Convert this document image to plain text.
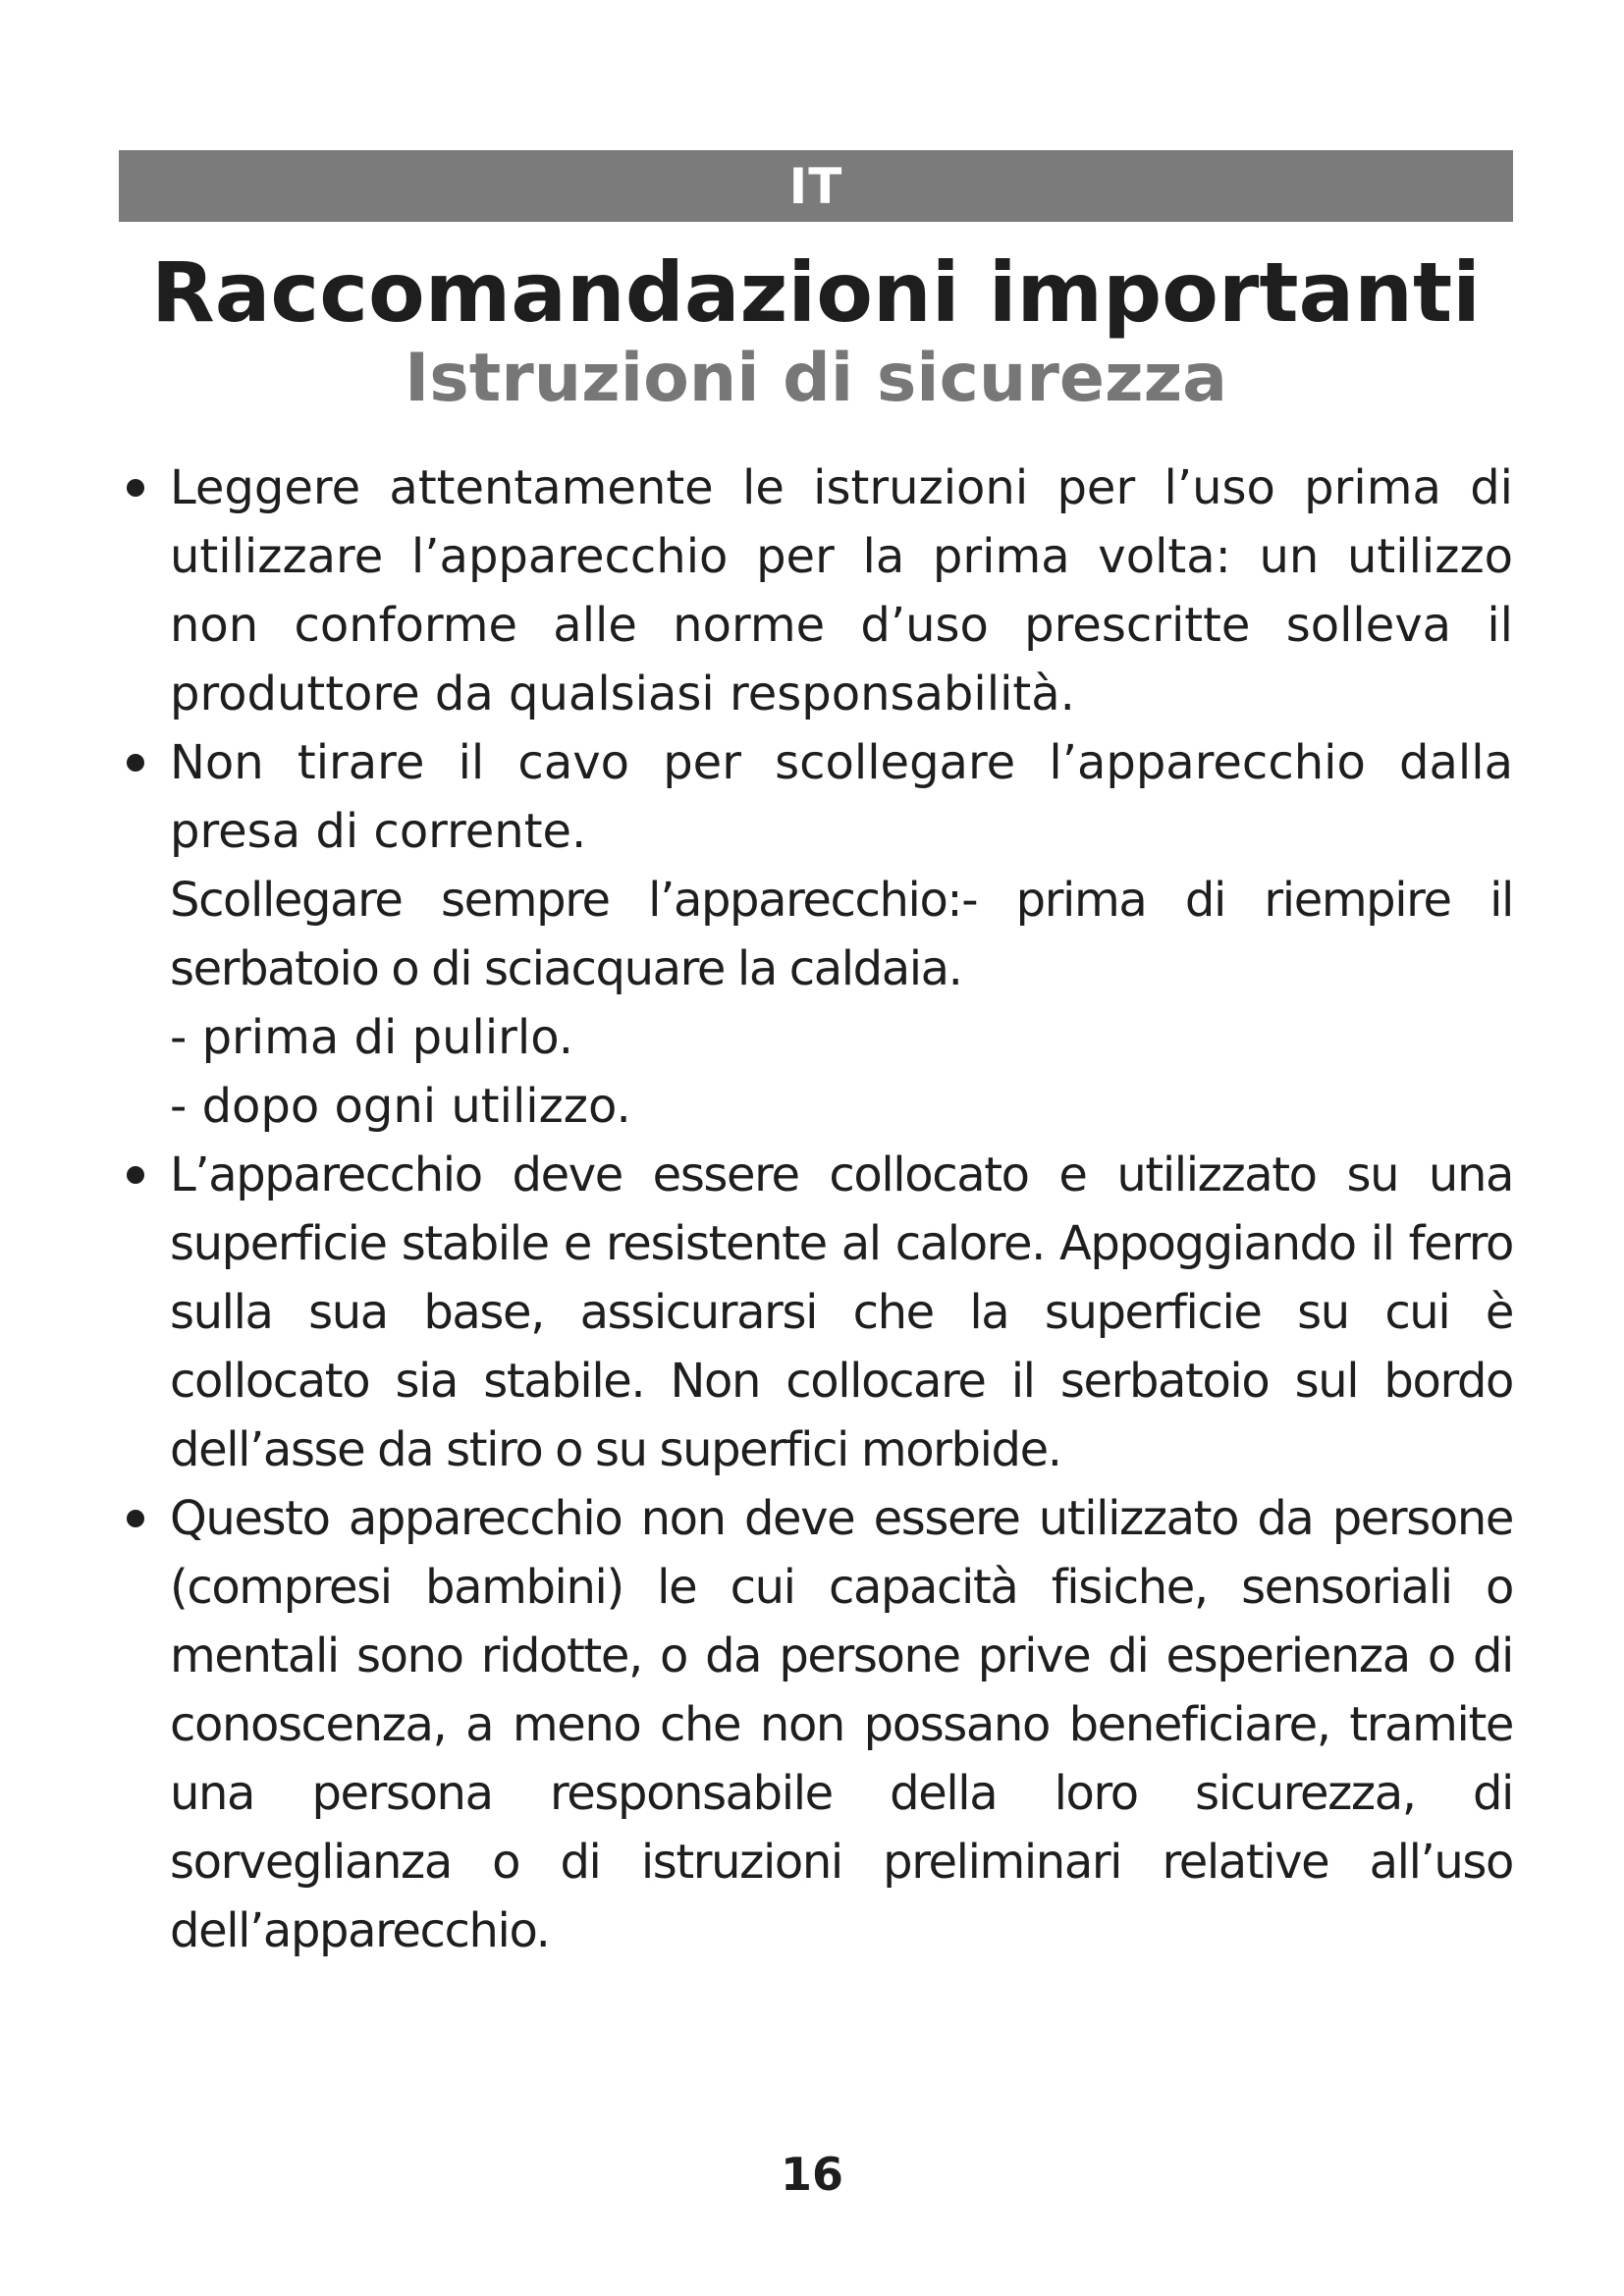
IT
Raccomandazioni importanti
Istruzioni di sicurezza
Leggere attentamente le istruzioni per l’uso prima di utilizzare l’apparecchio per la prima volta: un utilizzo non conforme alle norme d’uso prescritte solleva il produttore da qualsiasi responsabilità.
Non tirare il cavo per scollegare l’apparecchio dalla presa di corrente.
Scollegare sempre l’apparecchio:- prima di riempire il serbatoio o di sciacquare la caldaia.
- prima di pulirlo.
- dopo ogni utilizzo.
L’apparecchio deve essere collocato e utilizzato su una superficie stabile e resistente al calore. Appoggiando il ferro sulla sua base, assicurarsi che la superficie su cui è collocato sia stabile. Non collocare il serbatoio sul bordo dell’asse da stiro o su superfici morbide.
Questo apparecchio non deve essere utilizzato da persone (compresi bambini) le cui capacità fisiche, sensoriali o mentali sono ridotte, o da persone prive di esperienza o di conoscenza, a meno che non possano beneficiare, tramite una persona responsabile della loro sicurezza, di sorveglianza o di istruzioni preliminari relative all’uso dell’apparecchio.
16
